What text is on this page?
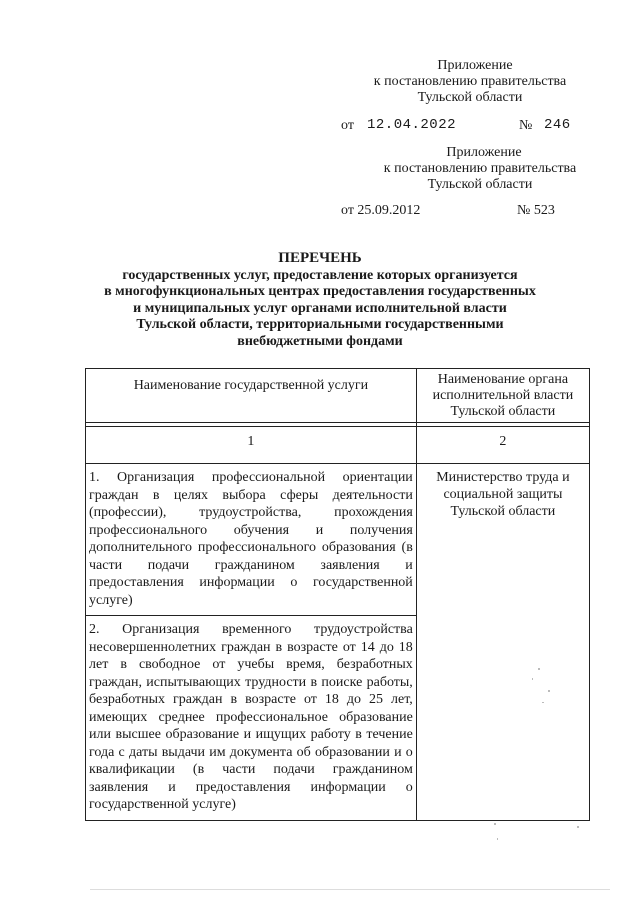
Приложение
к постановлению правительства
Тульской области
от 12.04.2022	№ 246
Приложение
к постановлению правительства
Тульской области
от 25.09.2012	№ 523
ПЕРЕЧЕНЬ
государственных услуг, предоставление которых организуется
в многофункциональных центрах предоставления государственных
и муниципальных услуг органами исполнительной власти
Тульской области, территориальными государственными
внебюджетными фондами
Наименование государственной услуги	Наименование органа исполнительной власти Тульской области

1	2
1. Организация профессиональной ориентации граждан в целях выбора сферы деятельности (профессии), трудоустройства, прохождения профессионального обучения и получения дополнительного профессионального образования (в части подачи гражданином заявления и предоставления информации о государственной услуге)	Министерство труда и социальной защиты Тульской области
2. Организация временного трудоустройства несовершеннолетних граждан в возрасте от 14 до 18 лет в свободное от учебы время, безработных граждан, испытывающих трудности в поиске работы, безработных граждан в возрасте от 18 до 25 лет, имеющих среднее профессиональное образование или высшее образование и ищущих работу в течение года с даты выдачи им документа об образовании и о квалификации (в части подачи гражданином заявления и предоставления информации о государственной услуге)	
